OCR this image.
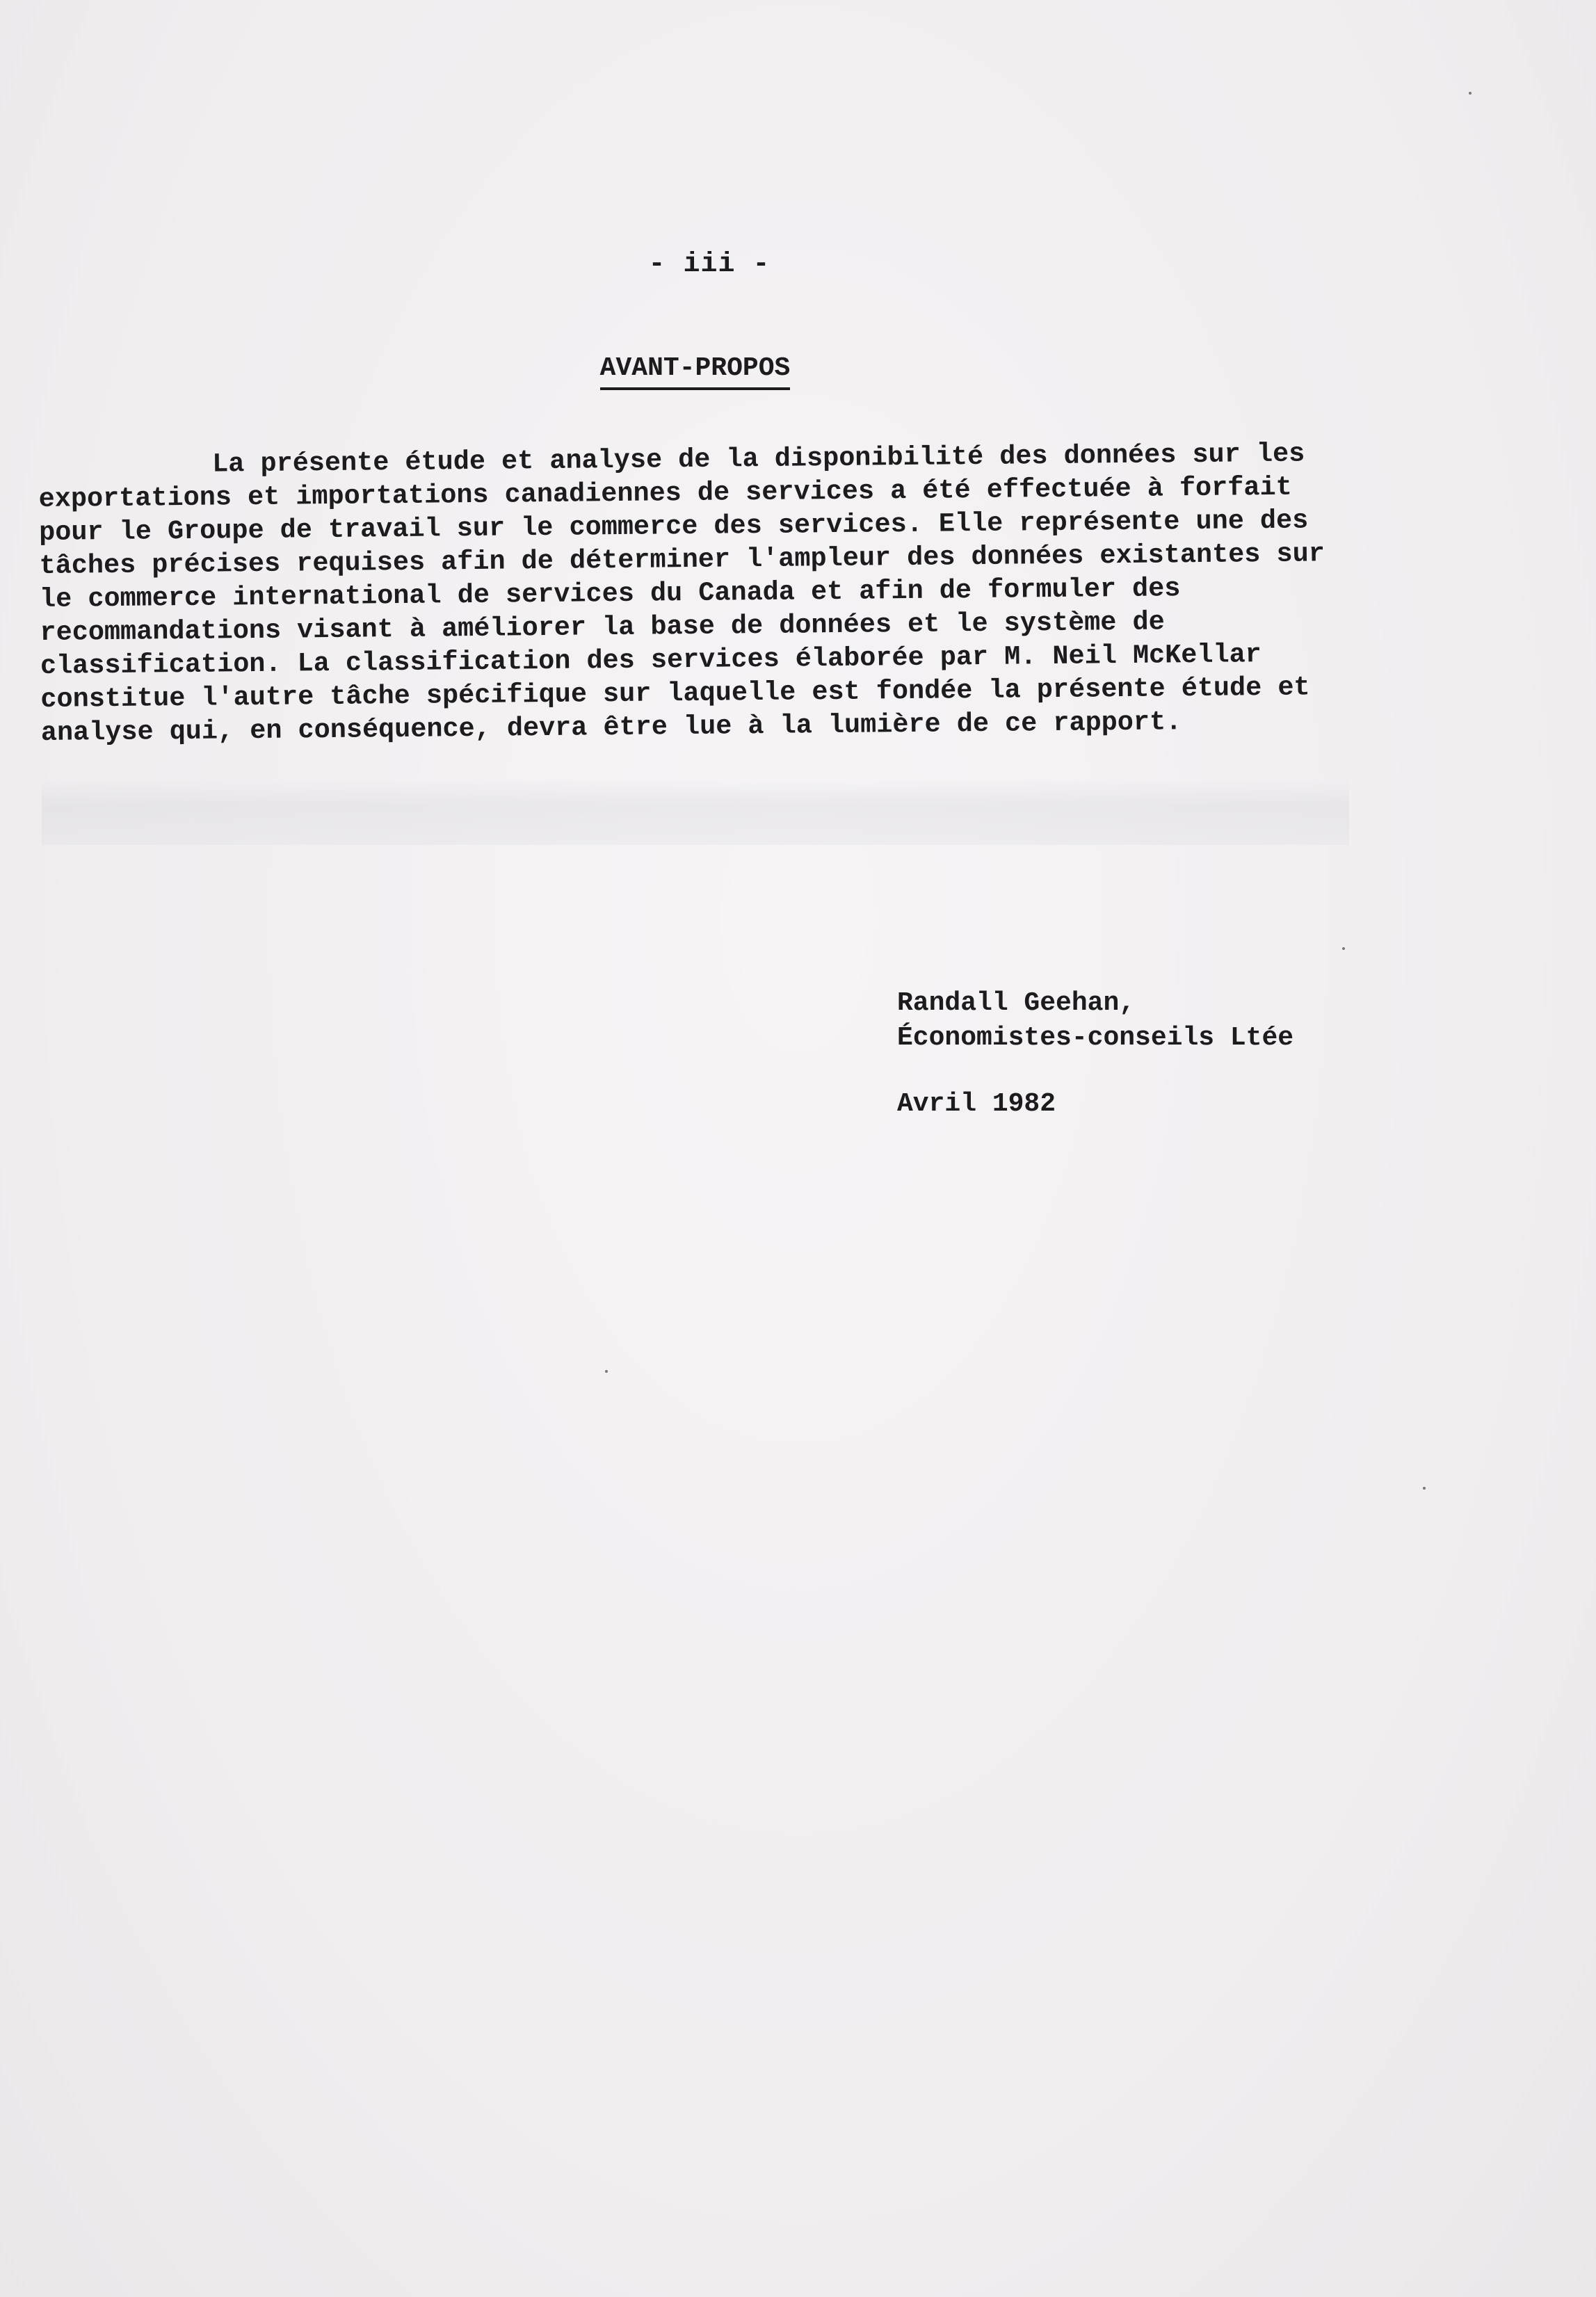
- iii -
AVANT-PROPOS

La présente étude et analyse de la disponibilité des données sur les exportations et importations canadiennes de services a été effectuée à forfait pour le Groupe de travail sur le commerce des services. Elle représente une des tâches précises requises afin de déterminer l'ampleur des données existantes sur le commerce international de services du Canada et afin de formuler des recommandations visant à améliorer la base de données et le système de classification. La classification des services élaborée par M. Neil McKellar constitue l'autre tâche spécifique sur laquelle est fondée la présente étude et analyse qui, en conséquence, devra être lue à la lumière de ce rapport.

Randall Geehan,
Économistes-conseils Ltée
Avril 1982
